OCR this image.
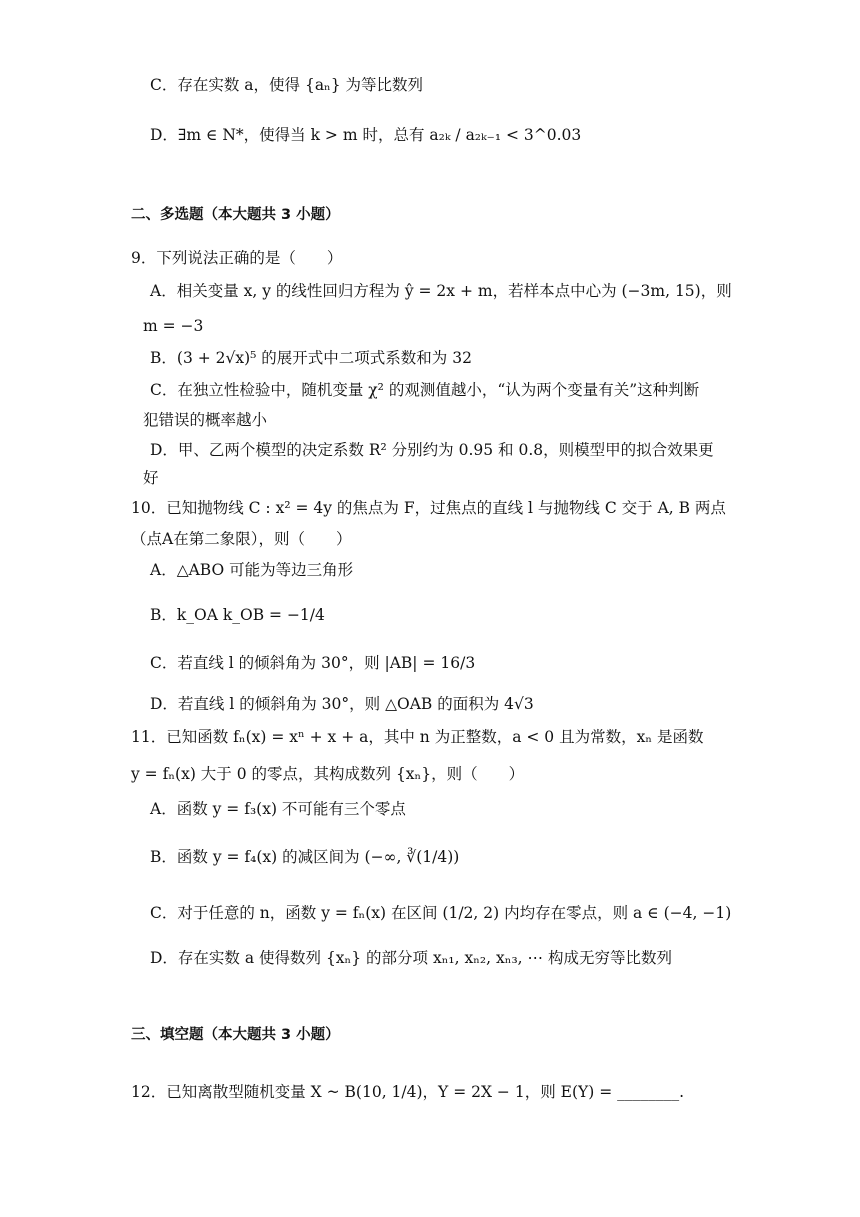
C．存在实数 a，使得 {aₙ} 为等比数列
D．∃m ∈ N*，使得当 k > m 时，总有 a₂ₖ / a₂ₖ₋₁ < 3^0.03
二、多选题（本大题共 3 小题）
9．下列说法正确的是（　　）
A．相关变量 x, y 的线性回归方程为 ŷ = 2x + m，若样本点中心为 (−3m, 15)，则
m = −3
B．(3 + 2√x)⁵ 的展开式中二项式系数和为 32
C．在独立性检验中，随机变量 χ² 的观测值越小，“认为两个变量有关”这种判断
犯错误的概率越小
D．甲、乙两个模型的决定系数 R² 分别约为 0.95 和 0.8，则模型甲的拟合效果更
好
10．已知抛物线 C : x² = 4y 的焦点为 F，过焦点的直线 l 与抛物线 C 交于 A, B 两点
（点A在第二象限），则（　　）
A．△ABO 可能为等边三角形
B．k_OA k_OB = −1/4
C．若直线 l 的倾斜角为 30°，则 |AB| = 16/3
D．若直线 l 的倾斜角为 30°，则 △OAB 的面积为 4√3
11．已知函数 fₙ(x) = xⁿ + x + a，其中 n 为正整数，a < 0 且为常数，xₙ 是函数
y = fₙ(x) 大于 0 的零点，其构成数列 {xₙ}，则（　　）
A．函数 y = f₃(x) 不可能有三个零点
B．函数 y = f₄(x) 的减区间为 (−∞, ∛(1/4))
C．对于任意的 n，函数 y = fₙ(x) 在区间 (1/2, 2) 内均存在零点，则 a ∈ (−4, −1)
D．存在实数 a 使得数列 {xₙ} 的部分项 xₙ₁, xₙ₂, xₙ₃, ⋯ 构成无穷等比数列
三、填空题（本大题共 3 小题）
12．已知离散型随机变量 X ~ B(10, 1/4)，Y = 2X − 1，则 E(Y) = ________.
